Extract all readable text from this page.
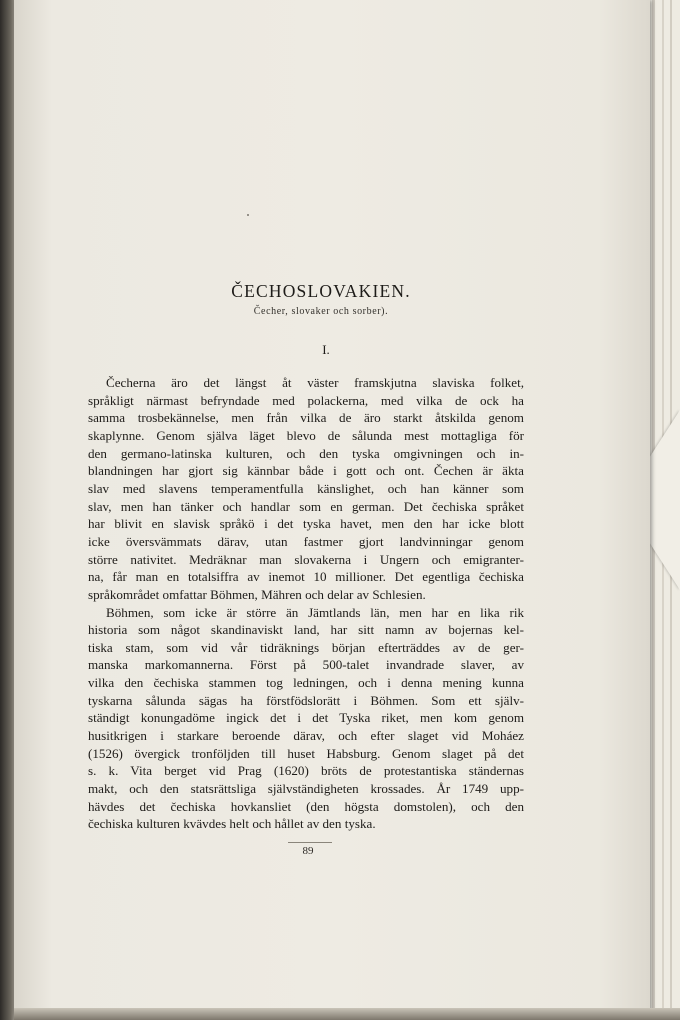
ČECHOSLOVAKIEN.
Čecher, slovaker och sorber).
I.
Čecherna äro det längst åt väster framskjutna slaviska folket,
språkligt närmast befryndade med polackerna, med vilka de ock ha
samma trosbekännelse, men från vilka de äro starkt åtskilda genom
skaplynne. Genom själva läget blevo de sålunda mest mottagliga för
den germano-latinska kulturen, och den tyska omgivningen och in-
blandningen har gjort sig kännbar både i gott och ont. Čechen är äkta
slav med slavens temperamentfulla känslighet, och han känner som
slav, men han tänker och handlar som en german. Det čechiska språket
har blivit en slavisk språkö i det tyska havet, men den har icke blott
icke översvämmats därav, utan fastmer gjort landvinningar genom
större nativitet. Medräknar man slovakerna i Ungern och emigranter-
na, får man en totalsiffra av inemot 10 millioner. Det egentliga čechiska
språkområdet omfattar Böhmen, Mähren och delar av Schlesien.
Böhmen, som icke är större än Jämtlands län, men har en lika rik
historia som något skandinaviskt land, har sitt namn av bojernas kel-
tiska stam, som vid vår tidräknings början efterträddes av de ger-
manska markomannerna. Först på 500-talet invandrade slaver, av
vilka den čechiska stammen tog ledningen, och i denna mening kunna
tyskarna sålunda sägas ha förstfödslorätt i Böhmen. Som ett själv-
ständigt konungadöme ingick det i det Tyska riket, men kom genom
husitkrigen i starkare beroende därav, och efter slaget vid Moháez
(1526) övergick tronföljden till huset Habsburg. Genom slaget på det
s. k. Vita berget vid Prag (1620) bröts de protestantiska ständernas
makt, och den statsrättsliga självständigheten krossades. År 1749 upp-
hävdes det čechiska hovkansliet (den högsta domstolen), och den
čechiska kulturen kvävdes helt och hållet av den tyska.
89
